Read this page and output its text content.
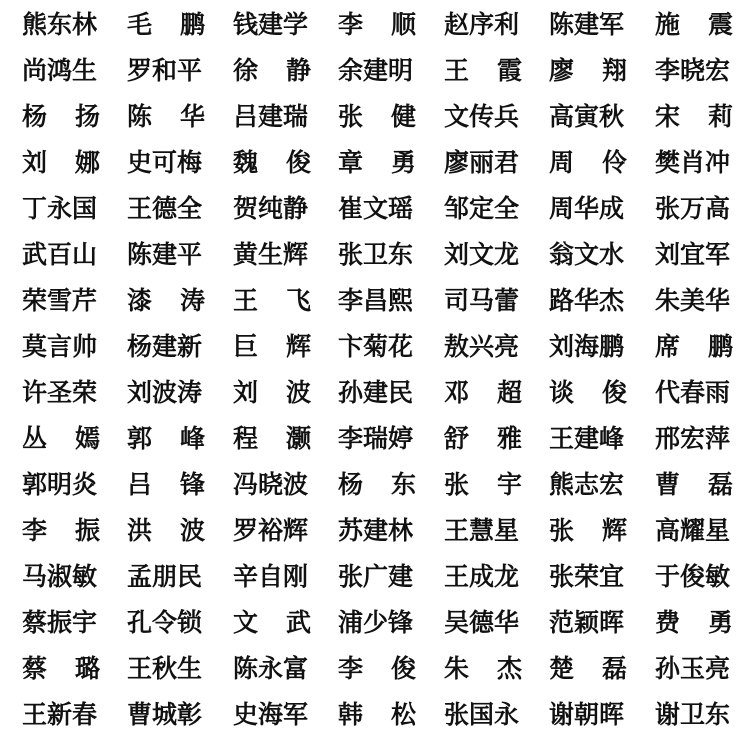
熊东林 毛 鹏 钱建学 李 顺 赵序利 陈建军 施 震
尚鸿生 罗和平 徐 静 余建明 王 霞 廖 翔 李晓宏
杨 扬 陈 华 吕建瑞 张 健 文传兵 高寅秋 宋 莉
刘 娜 史可梅 魏 俊 章 勇 廖丽君 周 伶 樊肖冲
丁永国 王德全 贺纯静 崔文瑶 邹定全 周华成 张万高
武百山 陈建平 黄生辉 张卫东 刘文龙 翁文水 刘宜军
荣雪芹 漆 涛 王 飞 李昌熙 司马蕾 路华杰 朱美华
莫言帅 杨建新 巨 辉 卞菊花 敖兴亮 刘海鹏 席 鹏
许圣荣 刘波涛 刘 波 孙建民 邓 超 谈 俊 代春雨
丛 嫣 郭 峰 程 灏 李瑞婷 舒 雅 王建峰 邢宏萍
郭明炎 吕 锋 冯晓波 杨 东 张 宇 熊志宏 曹 磊
李 振 洪 波 罗裕辉 苏建林 王慧星 张 辉 高耀星
马淑敏 孟朋民 辛自刚 张广建 王成龙 张荣宜 于俊敏
蔡振宇 孔令锁 文 武 浦少锋 吴德华 范颖晖 费 勇
蔡 璐 王秋生 陈永富 李 俊 朱 杰 楚 磊 孙玉亮
王新春 曹城彰 史海军 韩 松 张国永 谢朝晖 谢卫东
